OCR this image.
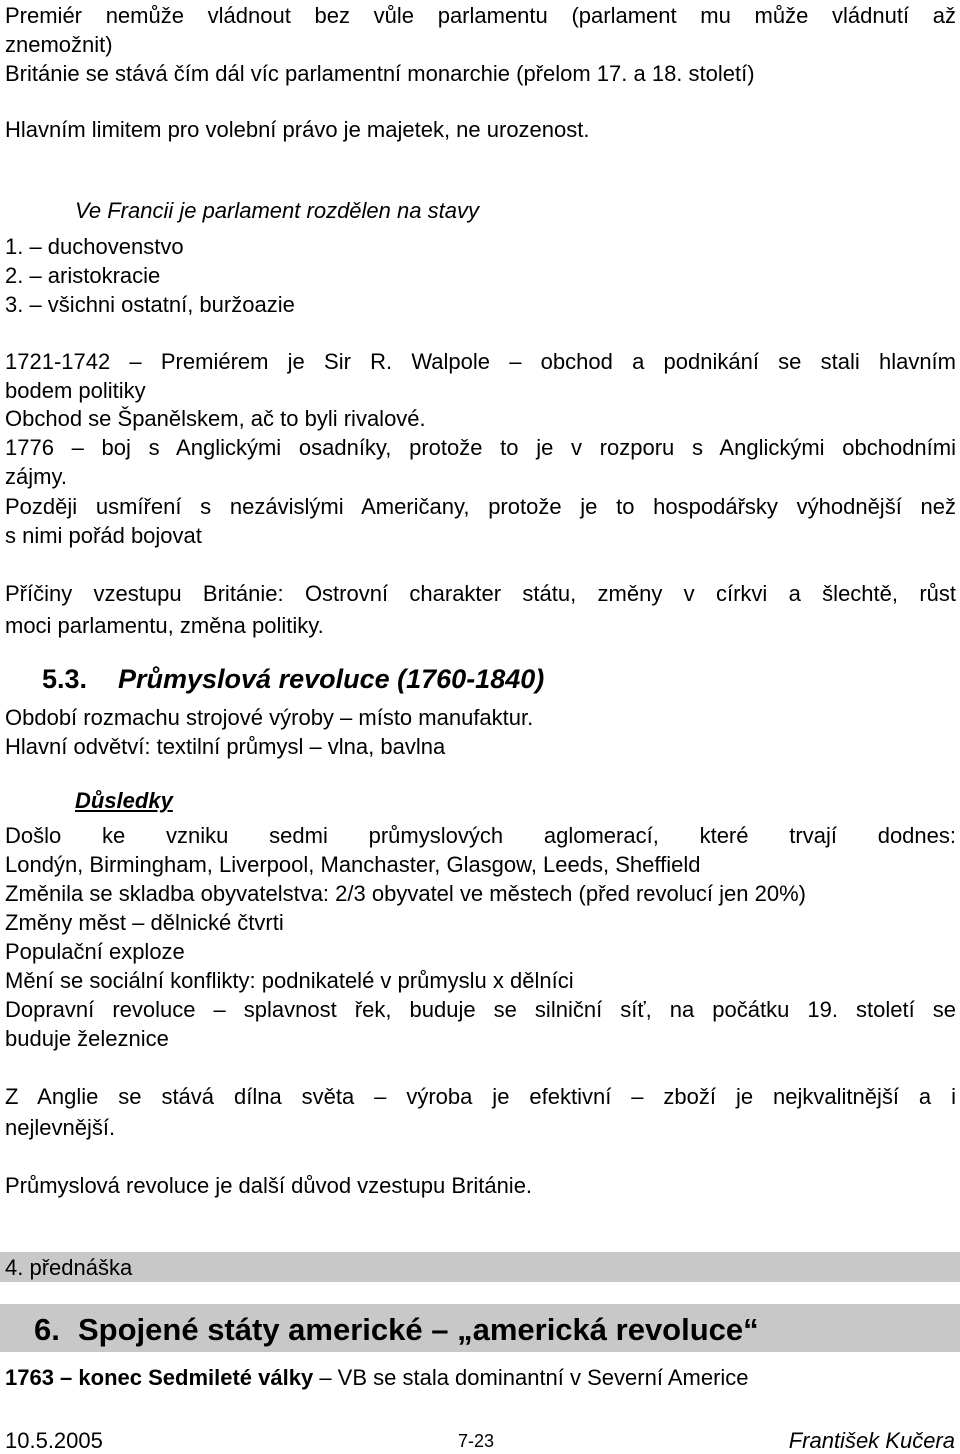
Premiér nemůže vládnout bez vůle parlamentu (parlament mu může vládnutí až
znemožnit)
Británie se stává čím dál víc parlamentní monarchie (přelom 17. a 18. století)
Hlavním limitem pro volební právo je majetek, ne urozenost.
Ve Francii je parlament rozdělen na stavy
1. – duchovenstvo
2. – aristokracie
3. – všichni ostatní, buržoazie
1721-1742 – Premiérem je Sir R. Walpole – obchod a podnikání se stali hlavním
bodem politiky
Obchod se Španělskem, ač to byli rivalové.
1776 – boj s Anglickými osadníky, protože to je v rozporu s Anglickými obchodními
zájmy.
Později usmíření s nezávislými Američany, protože je to hospodářsky výhodnější než
s nimi pořád bojovat
Příčiny vzestupu Británie: Ostrovní charakter státu, změny v církvi a šlechtě, růst
moci parlamentu, změna politiky.
5.3. Průmyslová revoluce (1760-1840)
Období rozmachu strojové výroby – místo manufaktur.
Hlavní odvětví: textilní průmysl – vlna, bavlna
Důsledky
Došlo ke vzniku sedmi průmyslových aglomerací, které trvají dodnes:
Londýn, Birmingham, Liverpool, Manchaster, Glasgow, Leeds, Sheffield
Změnila se skladba obyvatelstva: 2/3 obyvatel ve městech (před revolucí jen 20%)
Změny měst – dělnické čtvrti
Populační exploze
Mění se sociální konflikty: podnikatelé v průmyslu x dělníci
Dopravní revoluce – splavnost řek, buduje se silniční síť, na počátku 19. století se
buduje železnice
Z Anglie se stává dílna světa – výroba je efektivní – zboží je nejkvalitnější a i
nejlevnější.
Průmyslová revoluce je další důvod vzestupu Británie.
4. přednáška
6. Spojené státy americké – „americká revoluce“
1763 – konec Sedmileté války – VB se stala dominantní v Severní Americe
10.5.2005	7-23	František Kučera
